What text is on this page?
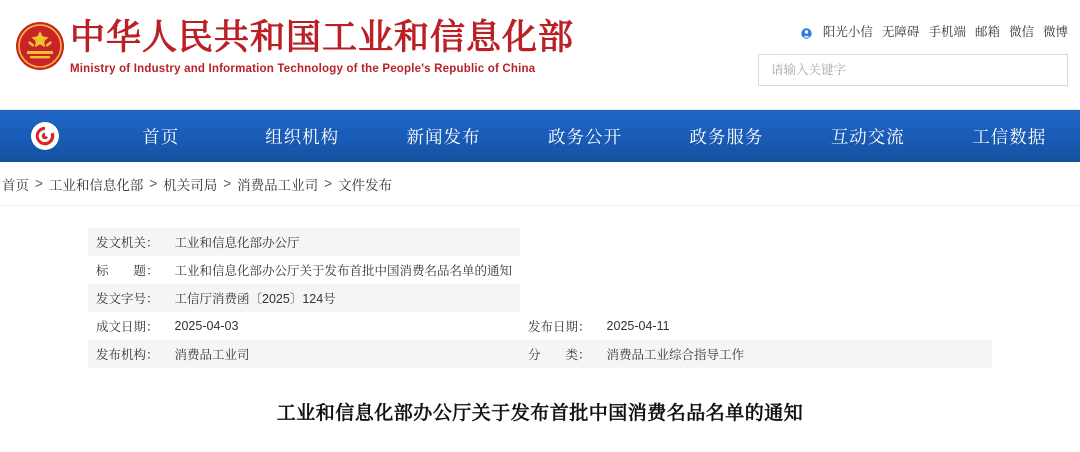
中华人民共和国工业和信息化部
Ministry of Industry and Information Technology of the People's Republic of China
阳光小信 无障碍 手机端 邮箱 微信 微博
请输入关键字
首页	组织机构	新闻发布	政务公开	政务服务	互动交流	工信数据
首页 > 工业和信息化部 > 机关司局 > 消费品工业司 > 文件发布
发文机关：	工业和信息化部办公厅		
标　　题：	工业和信息化部办公厅关于发布首批中国消费名品名单的通知		
发文字号：	工信厅消费函〔2025〕124号		
成文日期：	2025-04-03	发布日期：	2025-04-11
发布机构：	消费品工业司	分　　类：	消费品工业综合指导工作
工业和信息化部办公厅关于发布首批中国消费名品名单的通知
